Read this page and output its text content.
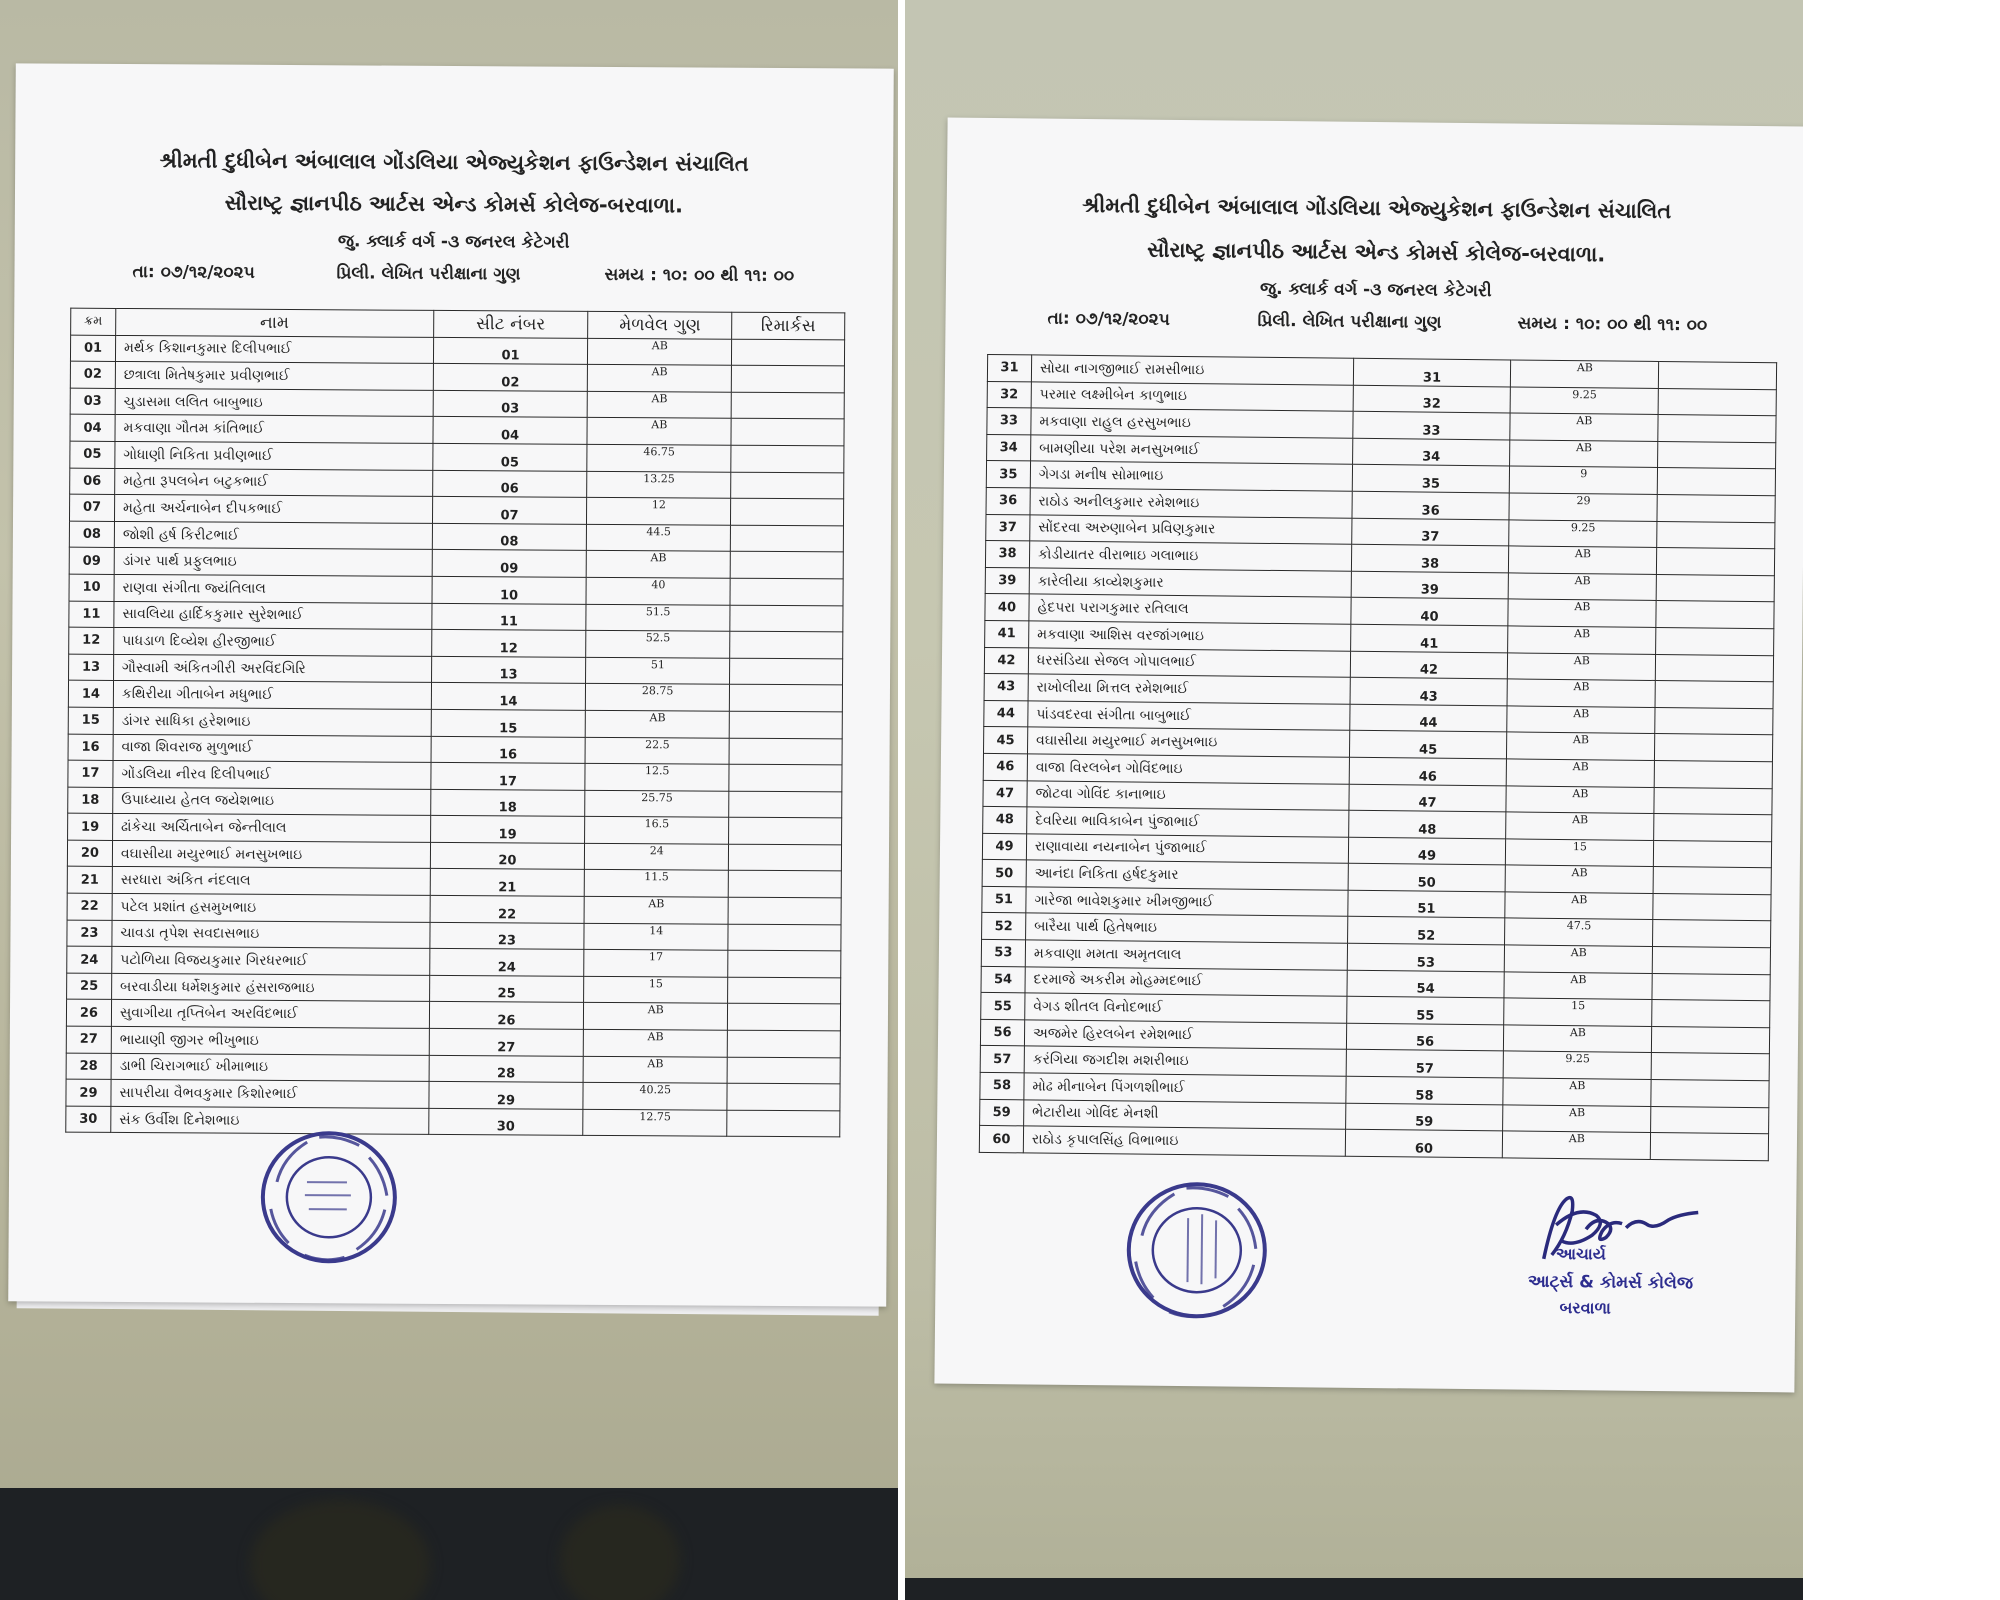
શ્રીમતી દુધીબેન અંબાલાલ ગોંડલિયા એજ્યુકેશન ફાઉન્ડેશન સંચાલિત
સૌરાષ્ટ્ર જ્ઞાનપીઠ આર્ટસ એન્ડ કોમર્સ કોલેજ-બરવાળા.
જુ. ક્લાર્ક વર્ગ -૩ જનરલ કેટેગરી
તા: ૦૭/૧૨/૨૦૨૫	પ્રિલી. લેખિત પરીક્ષાના ગુણ	સમય : ૧૦: ૦૦ થી ૧૧: ૦૦
ક્રમ	નામ	સીટ નંબર	મેળવેલ ગુણ	રિમાર્કસ
01	મર્થક કિશાનકુમાર દિલીપભાઈ	01	AB	
02	છત્રાલા મિતેષકુમાર પ્રવીણભાઈ	02	AB	
03	ચુડાસમા લલિત બાબુભાઇ	03	AB	
04	મકવાણા ગૌતમ કાંતિભાઈ	04	AB	
05	ગોધાણી નિકિતા પ્રવીણભાઈ	05	46.75	
06	મહેતા રૂપલબેન બટુકભાઈ	06	13.25	
07	મહેતા અર્ચનાબેન દીપકભાઈ	07	12	
08	જોશી હર્ષ કિરીટભાઈ	08	44.5	
09	ડાંગર પાર્થ પ્રફુલભાઇ	09	AB	
10	રાણવા સંગીતા જ્યંતિલાલ	10	40	
11	સાવલિયા હાર્દિકકુમાર સુરેશભાઈ	11	51.5	
12	પાધડાળ દિવ્યેશ હીરજીભાઈ	12	52.5	
13	ગૌસ્વામી અંકિતગીરી અરવિંદગિરિ	13	51	
14	કથિરીયા ગીતાબેન મધુભાઈ	14	28.75	
15	ડાંગર સાધિકા હરેશભાઇ	15	AB	
16	વાજા શિવરાજ મુળુભાઈ	16	22.5	
17	ગોંડલિયા નીરવ દિલીપભાઈ	17	12.5	
18	ઉપાધ્યાય હેતલ જયેશભાઇ	18	25.75	
19	ઢાંકેચા અર્ચિતાબેન જેન્તીલાલ	19	16.5	
20	વઘાસીયા મયુરભાઈ મનસુખભાઇ	20	24	
21	સરધારા અંકિત નંદલાલ	21	11.5	
22	પટેલ પ્રશાંત હસમુખભાઇ	22	AB	
23	ચાવડા તૃપેશ સવદાસભાઇ	23	14	
24	પટોળિયા વિજયકુમાર ગિરધરભાઈ	24	17	
25	બરવાડીયા ધર્મેશકુમાર હંસરાજભાઇ	25	15	
26	સુવાગીયા તૃપ્તિબેન અરવિંદભાઈ	26	AB	
27	ભાયાણી જીગર ભીખુભાઇ	27	AB	
28	ડાભી ચિરાગભાઈ ખીમાભાઇ	28	AB	
29	સાપરીયા વૈભવકુમાર કિશોરભાઈ	29	40.25	
30	સંક ઉર્વીશ દિનેશભાઇ	30	12.75	
શ્રીમતી દુધીબેન અંબાલાલ ગોંડલિયા એજ્યુકેશન ફાઉન્ડેશન સંચાલિત
સૌરાષ્ટ્ર જ્ઞાનપીઠ આર્ટસ એન્ડ કોમર્સ કોલેજ-બરવાળા.
જુ. ક્લાર્ક વર્ગ -૩ જનરલ કેટેગરી
તા: ૦૭/૧૨/૨૦૨૫	પ્રિલી. લેખિત પરીક્ષાના ગુણ	સમય : ૧૦: ૦૦ થી ૧૧: ૦૦
31	સોયા નાગજીભાઈ રામસીભાઇ	31	AB	
32	પરમાર લક્ષ્મીબેન કાળુભાઇ	32	9.25	
33	મકવાણા રાહુલ હરસુખભાઇ	33	AB	
34	બામણીયા પરેશ મનસુખભાઈ	34	AB	
35	ગેગડા મનીષ સોમાભાઇ	35	9	
36	રાઠોડ અનીલકુમાર રમેશભાઇ	36	29	
37	સોંદરવા અરુણાબેન પ્રવિણકુમાર	37	9.25	
38	કોડીયાતર વીરાભાઇ ગલાભાઇ	38	AB	
39	કારેલીયા કાવ્યેશકુમાર	39	AB	
40	હેદપરા પરાગકુમાર રતિલાલ	40	AB	
41	મકવાણા આશિસ વરજાંગભાઇ	41	AB	
42	ધરસંડિયા સેજલ ગોપાલભાઈ	42	AB	
43	રાખોલીયા મિત્તલ રમેશભાઈ	43	AB	
44	પાંડવદરવા સંગીતા બાબુભાઈ	44	AB	
45	વઘાસીયા મયુરભાઈ મનસુખભાઇ	45	AB	
46	વાજા વિરલબેન ગોવિંદભાઇ	46	AB	
47	જોટવા ગોવિંદ કાનાભાઇ	47	AB	
48	દેવરિયા ભાવિકાબેન પુંજાભાઈ	48	AB	
49	રાણાવાયા નયનાબેન પુંજાભાઈ	49	15	
50	આનંદા નિકિતા હર્ષદકુમાર	50	AB	
51	ગારેજા ભાવેશકુમાર ખીમજીભાઈ	51	AB	
52	બારૈયા પાર્થ હિતેષભાઇ	52	47.5	
53	મકવાણા મમતા અમૃતલાલ	53	AB	
54	દરમાજે અકરીમ મોહમ્મદભાઈ	54	AB	
55	વેગડ શીતલ વિનોદભાઈ	55	15	
56	અજમેર હિરલબેન રમેશભાઈ	56	AB	
57	કરંગિયા જગદીશ મશરીભાઇ	57	9.25	
58	મોઢ મીનાબેન પિંગળશીભાઈ	58	AB	
59	ભેટારીયા ગોવિંદ મેનશી	59	AB	
60	રાઠોડ કૃપાલસિંહ વિભાભાઇ	60	AB	
આચાર્ય
આર્ટ્સ & કોમર્સ કોલેજ
બરવાળા
